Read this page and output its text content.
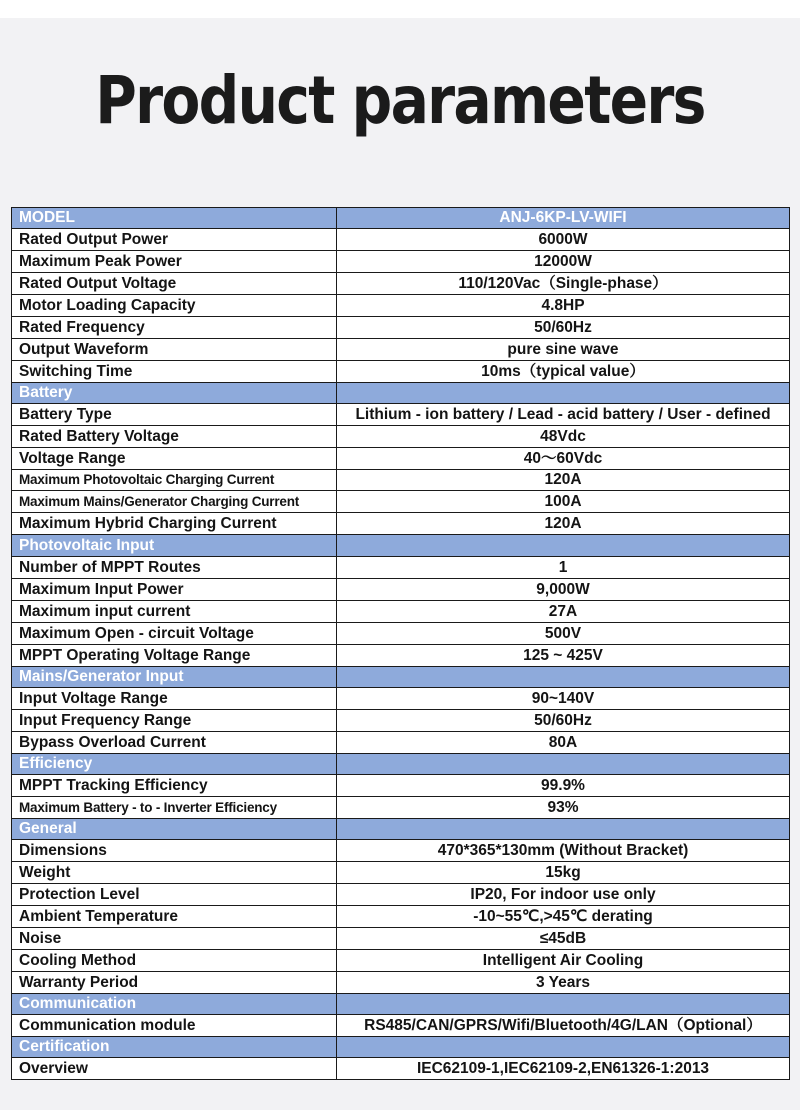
Product parameters
MODEL	ANJ-6KP-LV-WIFI
Rated Output Power	6000W
Maximum Peak Power	12000W
Rated Output Voltage	110/120Vac（Single-phase）
Motor Loading Capacity	4.8HP
Rated Frequency	50/60Hz
Output Waveform	pure sine wave
Switching Time	10ms（typical value）
Battery	
Battery Type	Lithium - ion battery / Lead - acid battery / User - defined
Rated Battery Voltage	48Vdc
Voltage Range	40～60Vdc
Maximum Photovoltaic Charging Current	120A
Maximum Mains/Generator Charging Current	100A
Maximum Hybrid Charging Current	120A
Photovoltaic Input	
Number of MPPT Routes	1
Maximum Input Power	9,000W
Maximum input current	27A
Maximum Open - circuit Voltage	500V
MPPT Operating Voltage Range	125 ~ 425V
Mains/Generator Input	
Input Voltage Range	90~140V
Input Frequency Range	50/60Hz
Bypass Overload Current	80A
Efficiency	
MPPT Tracking Efficiency	99.9%
Maximum Battery - to - Inverter Efficiency	93%
General	
Dimensions	470*365*130mm (Without Bracket)
Weight	15kg
Protection Level	IP20, For indoor use only
Ambient Temperature	-10~55℃,>45℃ derating
Noise	≤45dB
Cooling Method	Intelligent Air Cooling
Warranty Period	3 Years
Communication	
Communication module	RS485/CAN/GPRS/Wifi/Bluetooth/4G/LAN（Optional）
Certification	
Overview	IEC62109-1,IEC62109-2,EN61326-1:2013
